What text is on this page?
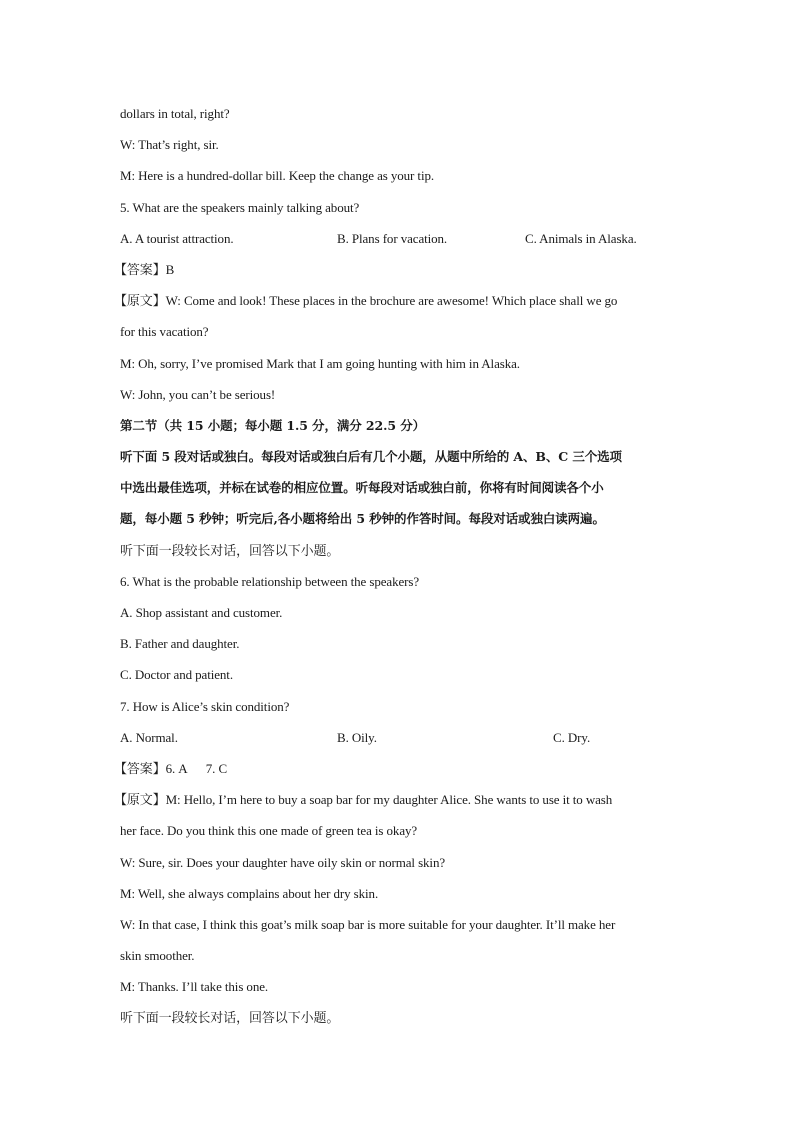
dollars in total, right?
W: That’s right, sir.
M: Here is a hundred-dollar bill. Keep the change as your tip.
5. What are the speakers mainly talking about?
A. A tourist attraction.	B. Plans for vacation.	C. Animals in Alaska.
【答案】B
【原文】W: Come and look! These places in the brochure are awesome! Which place shall we go
for this vacation?
M: Oh, sorry, I’ve promised Mark that I am going hunting with him in Alaska.
W: John, you can’t be serious!
第二节（共 15 小题；每小题 1.5 分，满分 22.5 分）
听下面 5 段对话或独白。每段对话或独白后有几个小题，从题中所给的 A、B、C 三个选项
中选出最佳选项，并标在试卷的相应位置。听每段对话或独白前，你将有时间阅读各个小
题，每小题 5 秒钟；听完后,各小题将给出 5 秒钟的作答时间。每段对话或独白读两遍。
听下面一段较长对话，回答以下小题。
6. What is the probable relationship between the speakers?
A. Shop assistant and customer.
B. Father and daughter.
C. Doctor and patient.
7. How is Alice’s skin condition?
A. Normal.	B. Oily.	C. Dry.
【答案】6. A      7. C
【原文】M: Hello, I’m here to buy a soap bar for my daughter Alice. She wants to use it to wash
her face. Do you think this one made of green tea is okay?
W: Sure, sir. Does your daughter have oily skin or normal skin?
M: Well, she always complains about her dry skin.
W: In that case, I think this goat’s milk soap bar is more suitable for your daughter. It’ll make her
skin smoother.
M: Thanks. I’ll take this one.
听下面一段较长对话，回答以下小题。
